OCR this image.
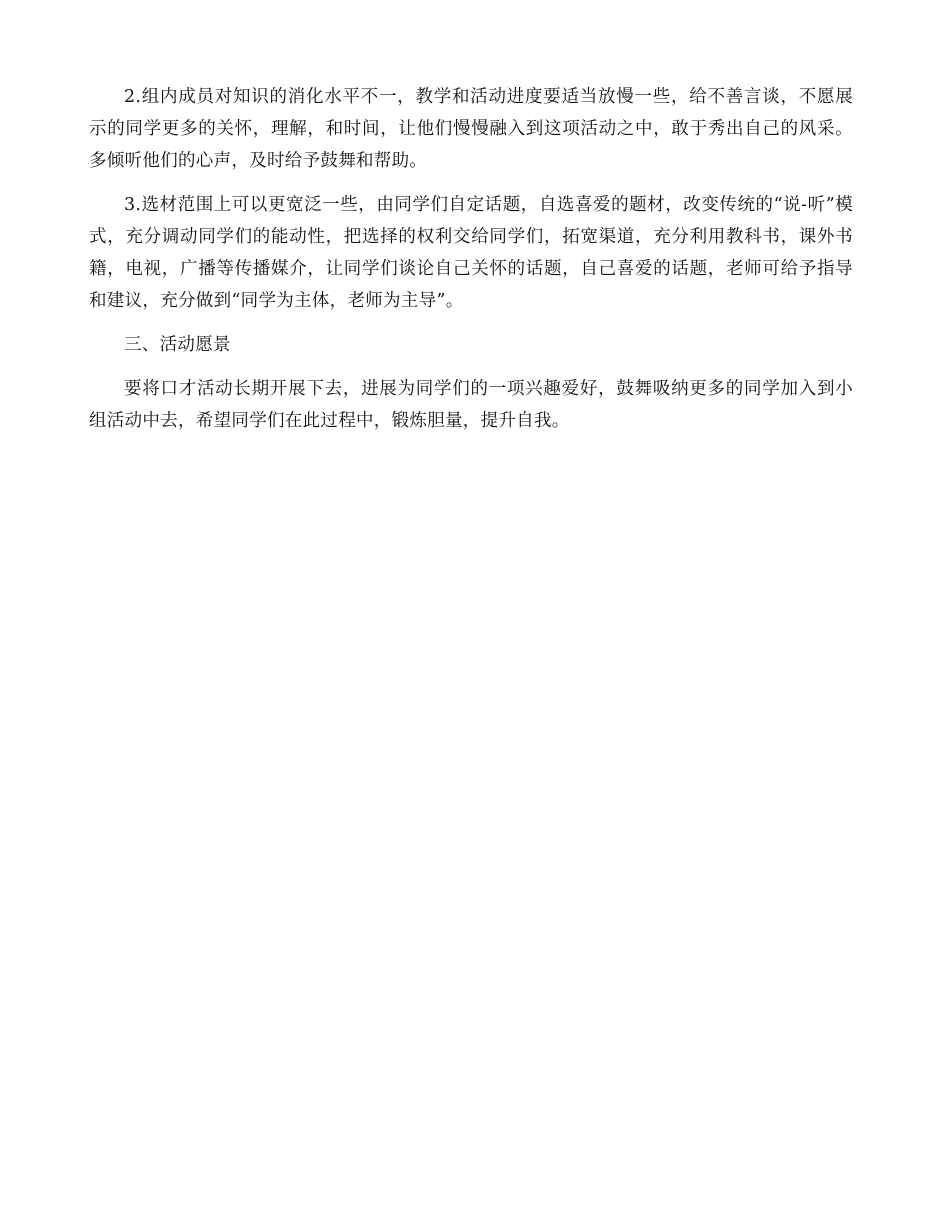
2.组内成员对知识的消化水平不一，教学和活动进度要适当放慢一些，给不善言谈，不愿展示的同学更多的关怀，理解，和时间，让他们慢慢融入到这项活动之中，敢于秀出自己的风采。多倾听他们的心声，及时给予鼓舞和帮助。

3.选材范围上可以更宽泛一些，由同学们自定话题，自选喜爱的题材，改变传统的“说-听”模式，充分调动同学们的能动性，把选择的权利交给同学们，拓宽渠道，充分利用教科书，课外书籍，电视，广播等传播媒介，让同学们谈论自己关怀的话题，自己喜爱的话题，老师可给予指导和建议，充分做到“同学为主体，老师为主导”。

三、活动愿景

要将口才活动长期开展下去，进展为同学们的一项兴趣爱好，鼓舞吸纳更多的同学加入到小组活动中去，希望同学们在此过程中，锻炼胆量，提升自我。
